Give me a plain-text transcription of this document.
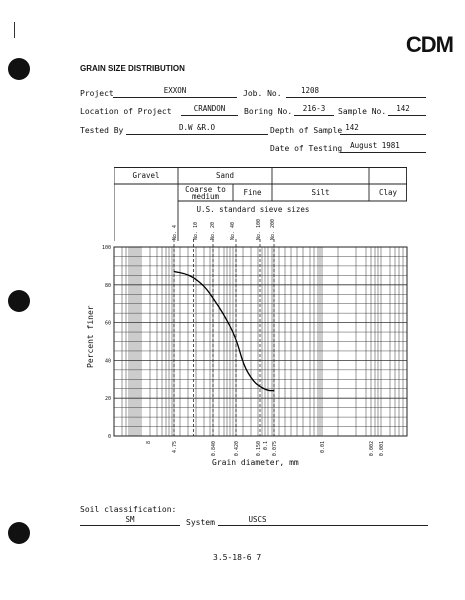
CDM
GRAIN SIZE DISTRIBUTION
Project	EXXON	Job. No.	1208
Location of Project	CRANDON	Boring No.	216-3	Sample No.	142
Tested By	D.W &R.O	Depth of Sample 142
Date of Testing	August 1981
Gravel	Sand
Coarse to
medium	Fine	Silt	Clay
U.S. standard sieve sizes
No. 4	No. 10 No. 20	No. 40	No. 100 No. 200
0
20
40
60
80
100
8	4.75	0.840	0.420	0.150 0.1 0.075	0.01	0.002 0.001
Percent finer
Grain diameter, mm
Soil classification:
SM	System	USCS
3.5-18-6 7
